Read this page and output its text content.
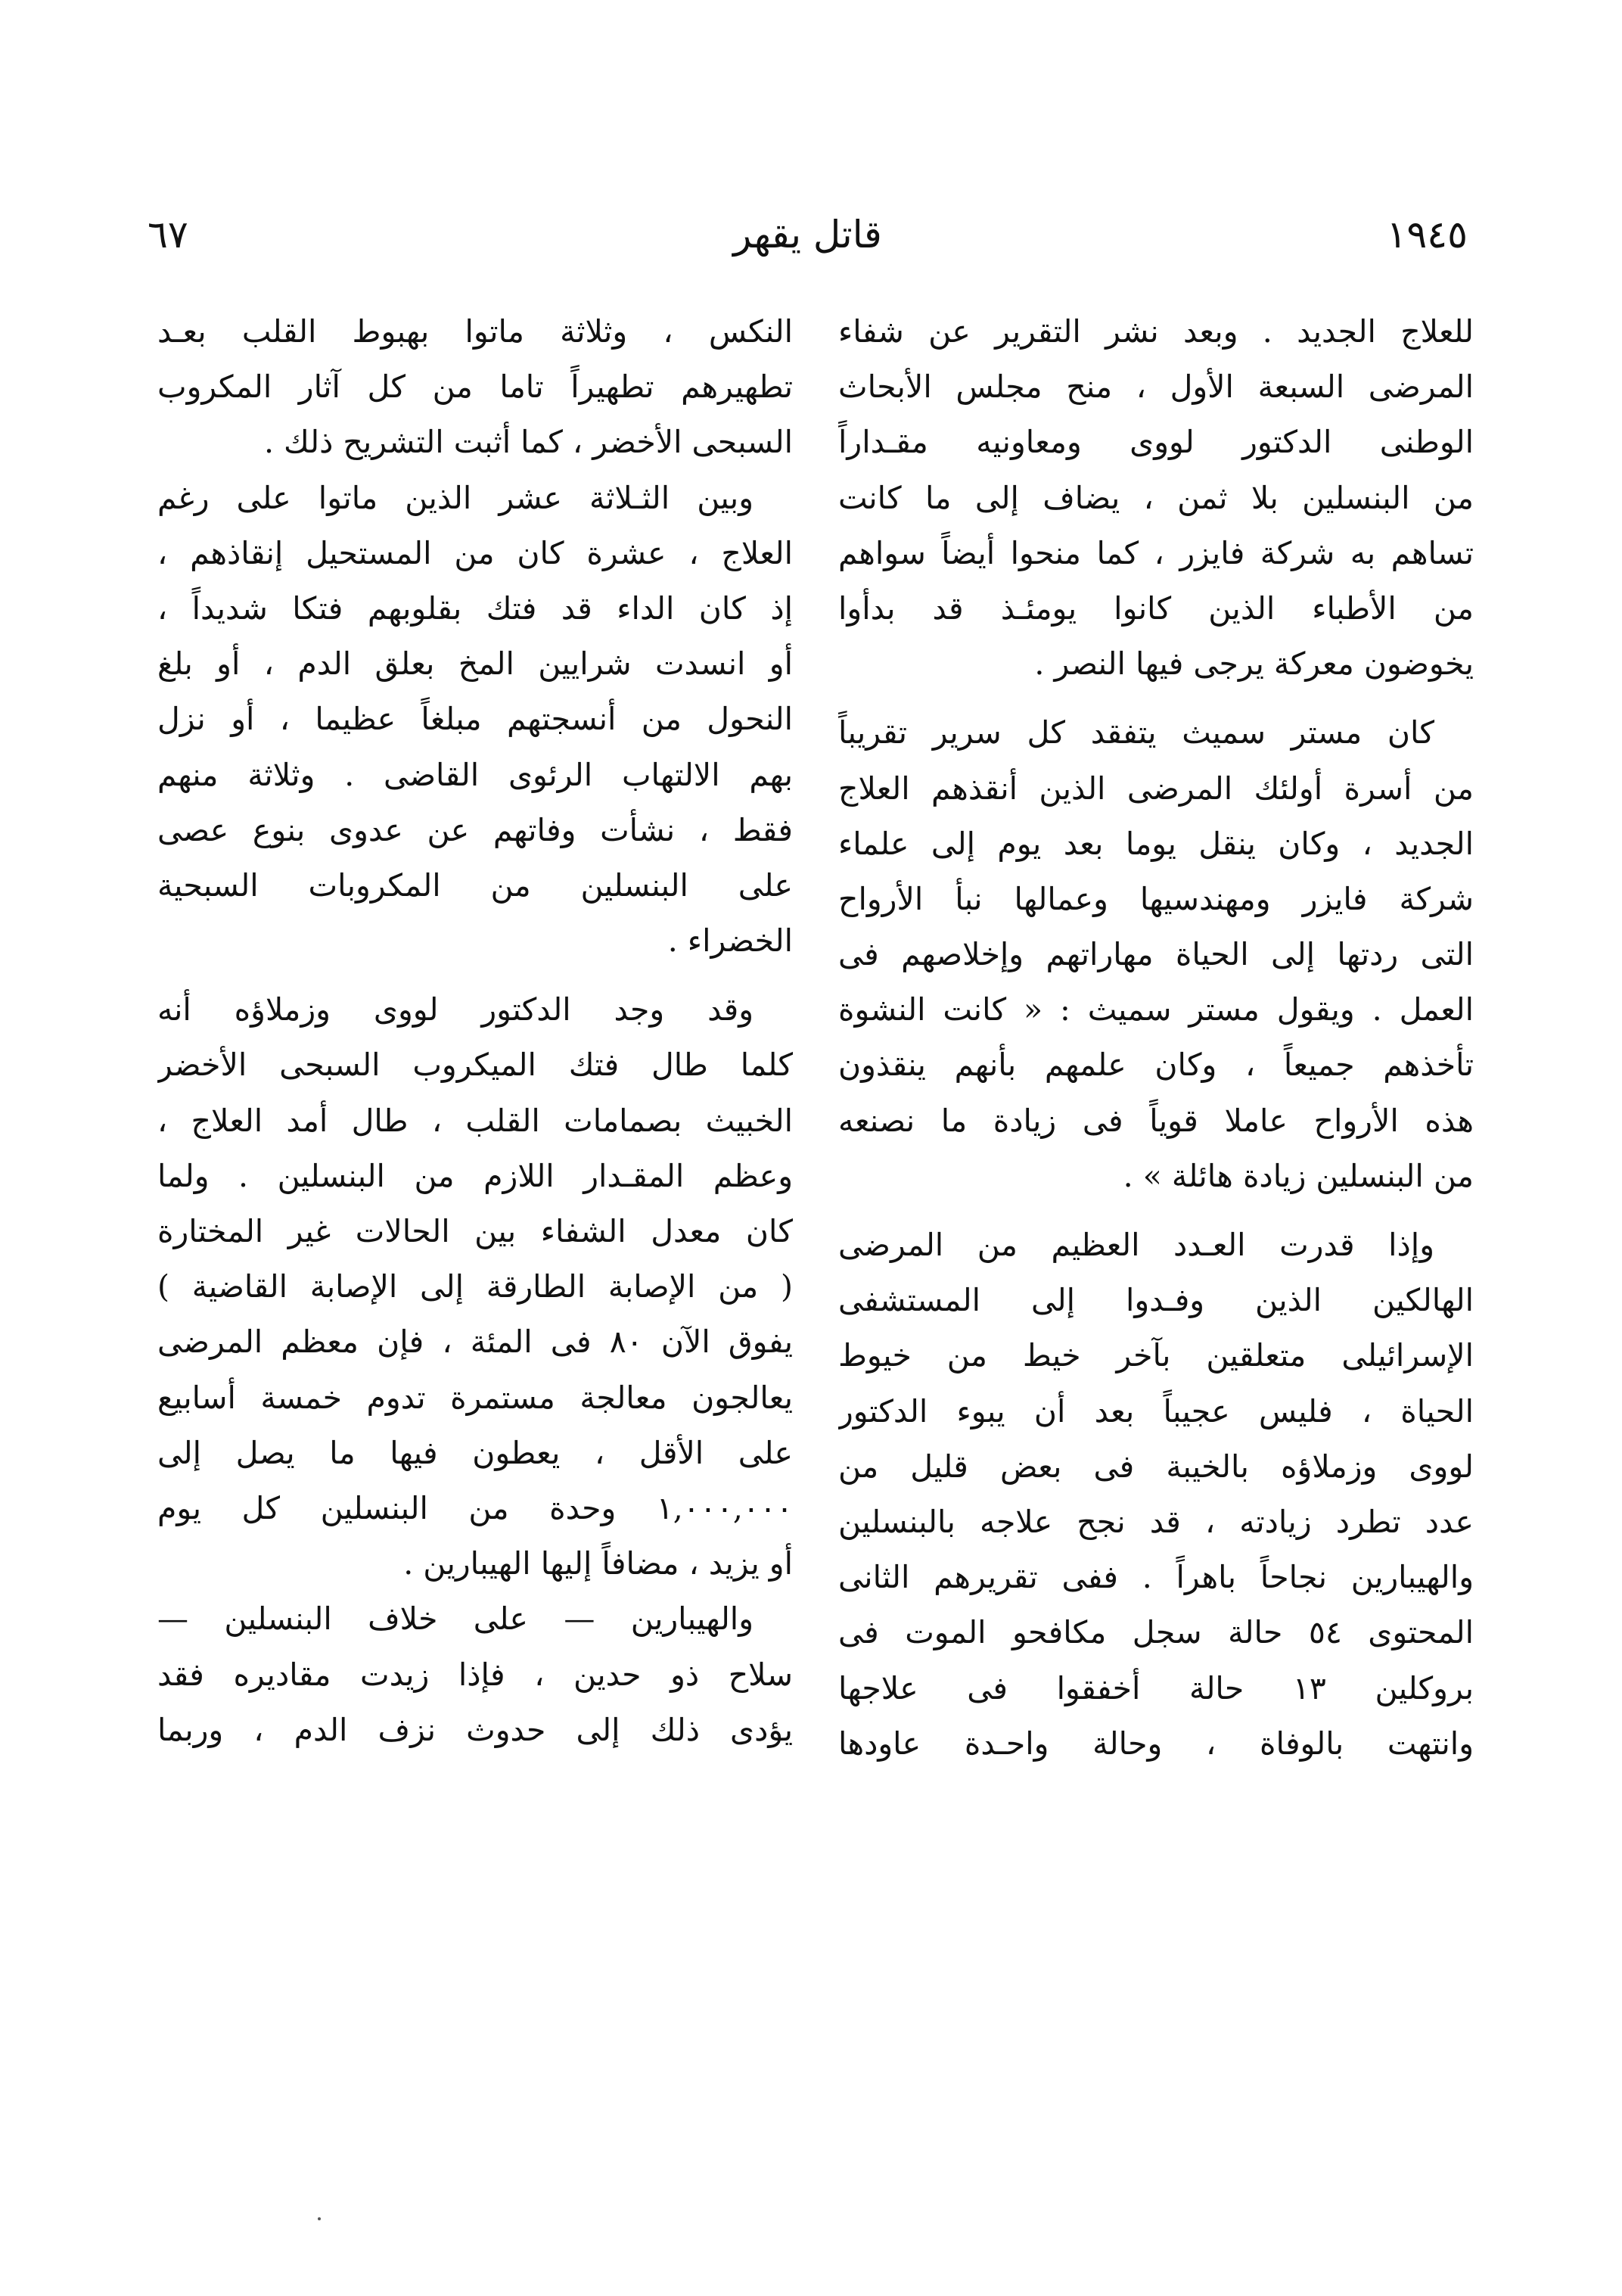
٦٧	قاتل يقهر	١٩٤٥
للعلاج الجديد . وبعد نشر التقرير عن شفاء
المرضى السبعة الأول ، منح مجلس الأبحاث
الوطنى الدكتور لووى ومعاونيه مقـداراً
من البنسلين بلا ثمن ، يضاف إلى ما كانت
تساهم به شركة فايزر ، كما منحوا أيضاً سواهم
من الأطباء الذين كانوا يومئـذ قد بدأوا
يخوضون معركة يرجى فيها النصر .
كان مستر سميث يتفقد كل سرير تقريباً
من أسرة أولئك المرضى الذين أنقذهم العلاج
الجديد ، وكان ينقل يوما بعد يوم إلى علماء
شركة فايزر ومهندسيها وعمالها نبأ الأرواح
التى ردتها إلى الحياة مهاراتهم وإخلاصهم فى
العمل . ويقول مستر سميث : « كانت النشوة
تأخذهم جميعاً ، وكان علمهم بأنهم ينقذون
هذه الأرواح عاملا قوياً فى زيادة ما نصنعه
من البنسلين زيادة هائلة » .
وإذا قدرت العـدد العظيم من المرضى
الهالكين الذين وفـدوا إلى المستشفى
الإسرائيلى متعلقين بآخر خيط من خيوط
الحياة ، فليس عجيباً بعد أن يبوء الدكتور
لووى وزملاؤه بالخيبة فى بعض قليل من
عدد تطرد زيادته ، قد نجح علاجه بالبنسلين
والهيبارين نجاحاً باهراً . ففى تقريرهم الثانى
المحتوى ٥٤ حالة سجل مكافحو الموت فى
بروكلين ١٣ حالة أخفقوا فى علاجها
وانتهت بالوفاة ، وحالة واحـدة عاودها
النكس ، وثلاثة ماتوا بهبوط القلب بعـد
تطهيرهم تطهيراً تاما من كل آثار المكروب
السبحى الأخضر ، كما أثبت التشريح ذلك .
وبين الثـلاثة عشر الذين ماتوا على رغم
العلاج ، عشرة كان من المستحيل إنقاذهم ،
إذ كان الداء قد فتك بقلوبهم فتكا شديداً ،
أو انسدت شرايين المخ بعلق الدم ، أو بلغ
النحول من أنسجتهم مبلغاً عظيما ، أو نزل
بهم الالتهاب الرئوى القاضى . وثلاثة منهم
فقط ، نشأت وفاتهم عن عدوى بنوع عصى
على البنسلين من المكروبات السبحية
الخضراء .
وقد وجد الدكتور لووى وزملاؤه أنه
كلما طال فتك الميكروب السبحى الأخضر
الخبيث بصمامات القلب ، طال أمد العلاج ،
وعظم المقـدار اللازم من البنسلين . ولما
كان معدل الشفاء بين الحالات غير المختارة
( من الإصابة الطارقة إلى الإصابة القاضية )
يفوق الآن ٨٠ فى المئة ، فإن معظم المرضى
يعالجون معالجة مستمرة تدوم خمسة أسابيع
على الأقل ، يعطون فيها ما يصل إلى
١,٠٠٠,٠٠٠ وحدة من البنسلين كل يوم
أو يزيد ، مضافاً إليها الهيبارين .
والهيبارين — على خلاف البنسلين —
سلاح ذو حدين ، فإذا زيدت مقاديره فقد
يؤدى ذلك إلى حدوث نزف الدم ، وربما
